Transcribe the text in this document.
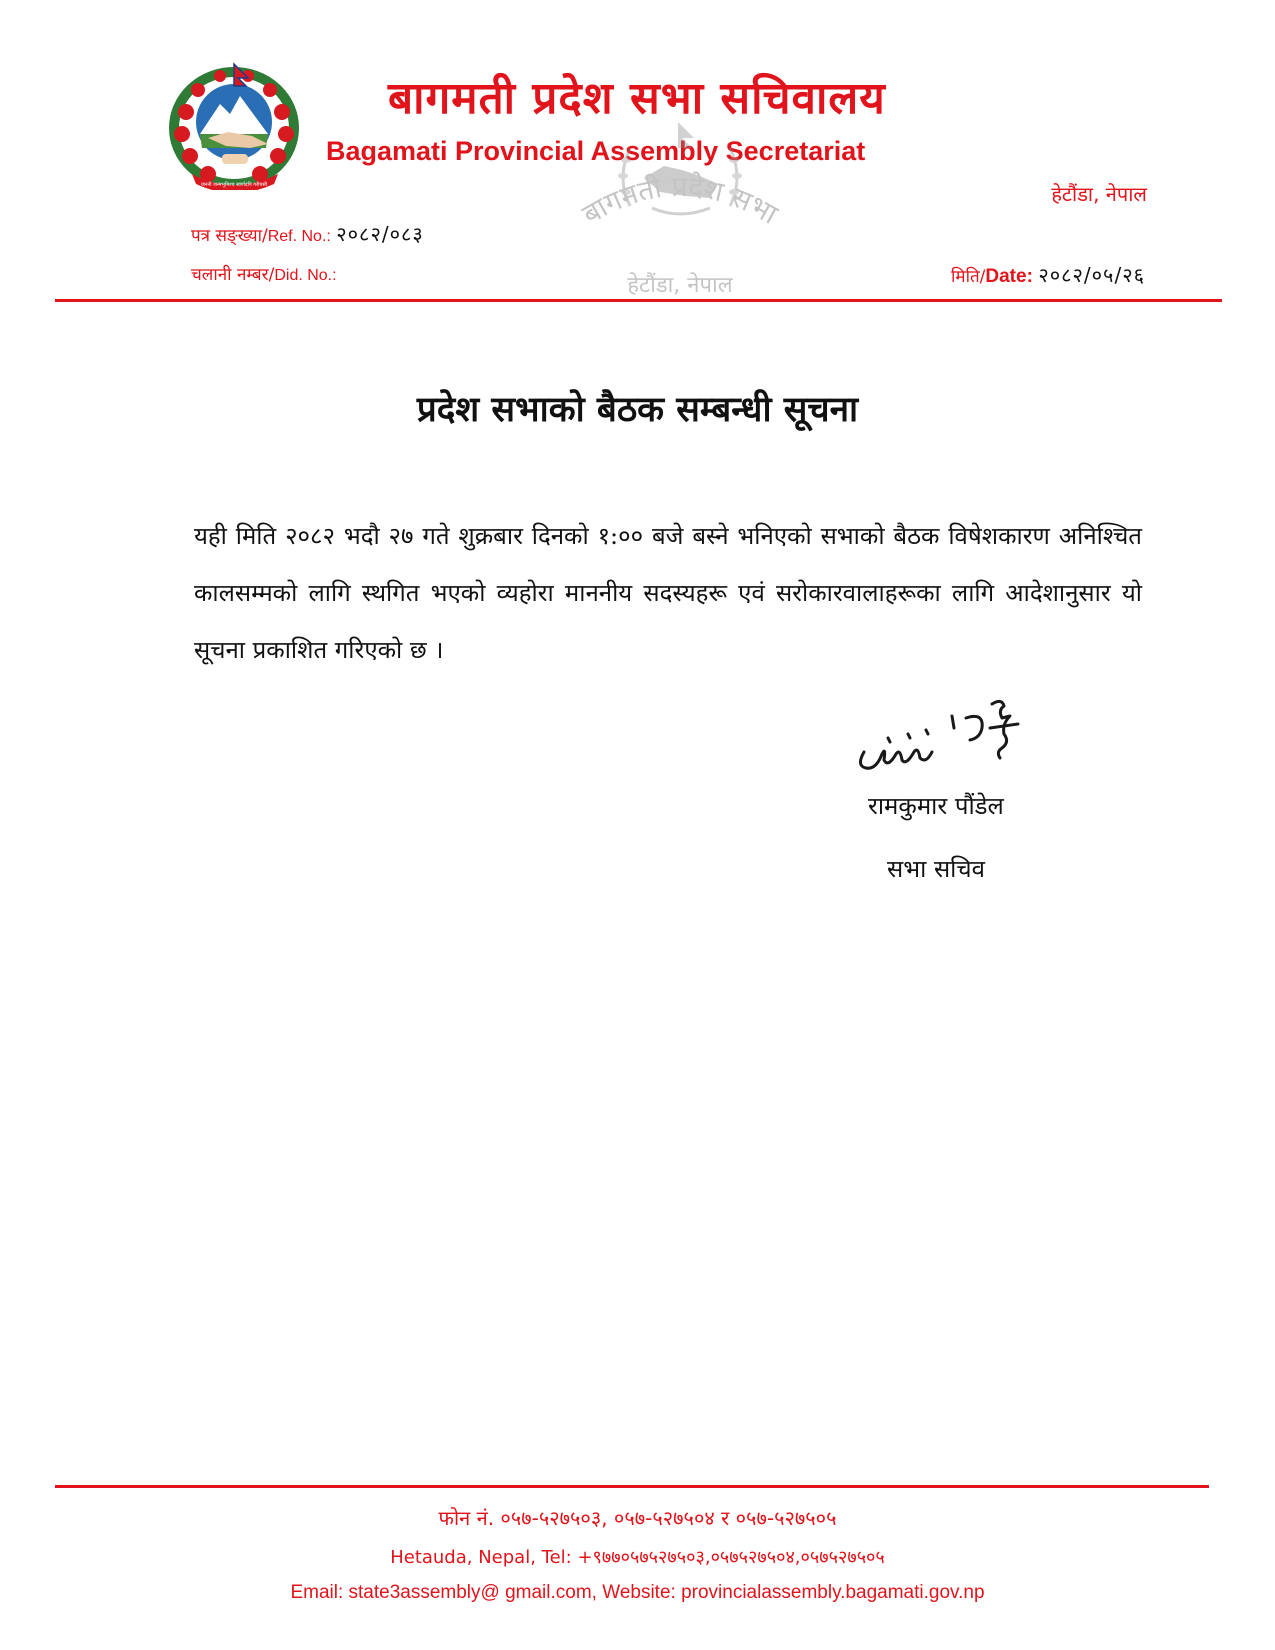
जननी जन्मभूमिश्च स्वर्गादपि गरीयसी
बागमती प्रदेश सभा सचिवालय
Bagamati Provincial Assembly Secretariat
हेटौंडा, नेपाल
बागमती प्रदेश सभा
हेटौंडा, नेपाल
पत्र सङ्ख्या/Ref. No.: २०८२/०८३
चलानी नम्बर/Did. No.:	मिति/Date: २०८२/०५/२६
प्रदेश सभाको बैठक सम्बन्धी सूचना
यही मिति २०८२ भदौ २७ गते शुक्रबार दिनको १:०० बजे बस्ने भनिएको सभाको बैठक विषेशकारण अनिश्चित कालसम्मको लागि स्थगित भएको व्यहोरा माननीय सदस्यहरू एवं सरोकारवालाहरूका लागि आदेशानुसार यो सूचना प्रकाशित गरिएको छ ।
रामकुमार पौंडेल
सभा सचिव
फोन नं. ०५७-५२७५०३, ०५७-५२७५०४ र ०५७-५२७५०५
Hetauda, Nepal, Tel: +९७७०५७५२७५०३,०५७५२७५०४,०५७५२७५०५
Email: state3assembly@ gmail.com, Website: provincialassembly.bagamati.gov.np
